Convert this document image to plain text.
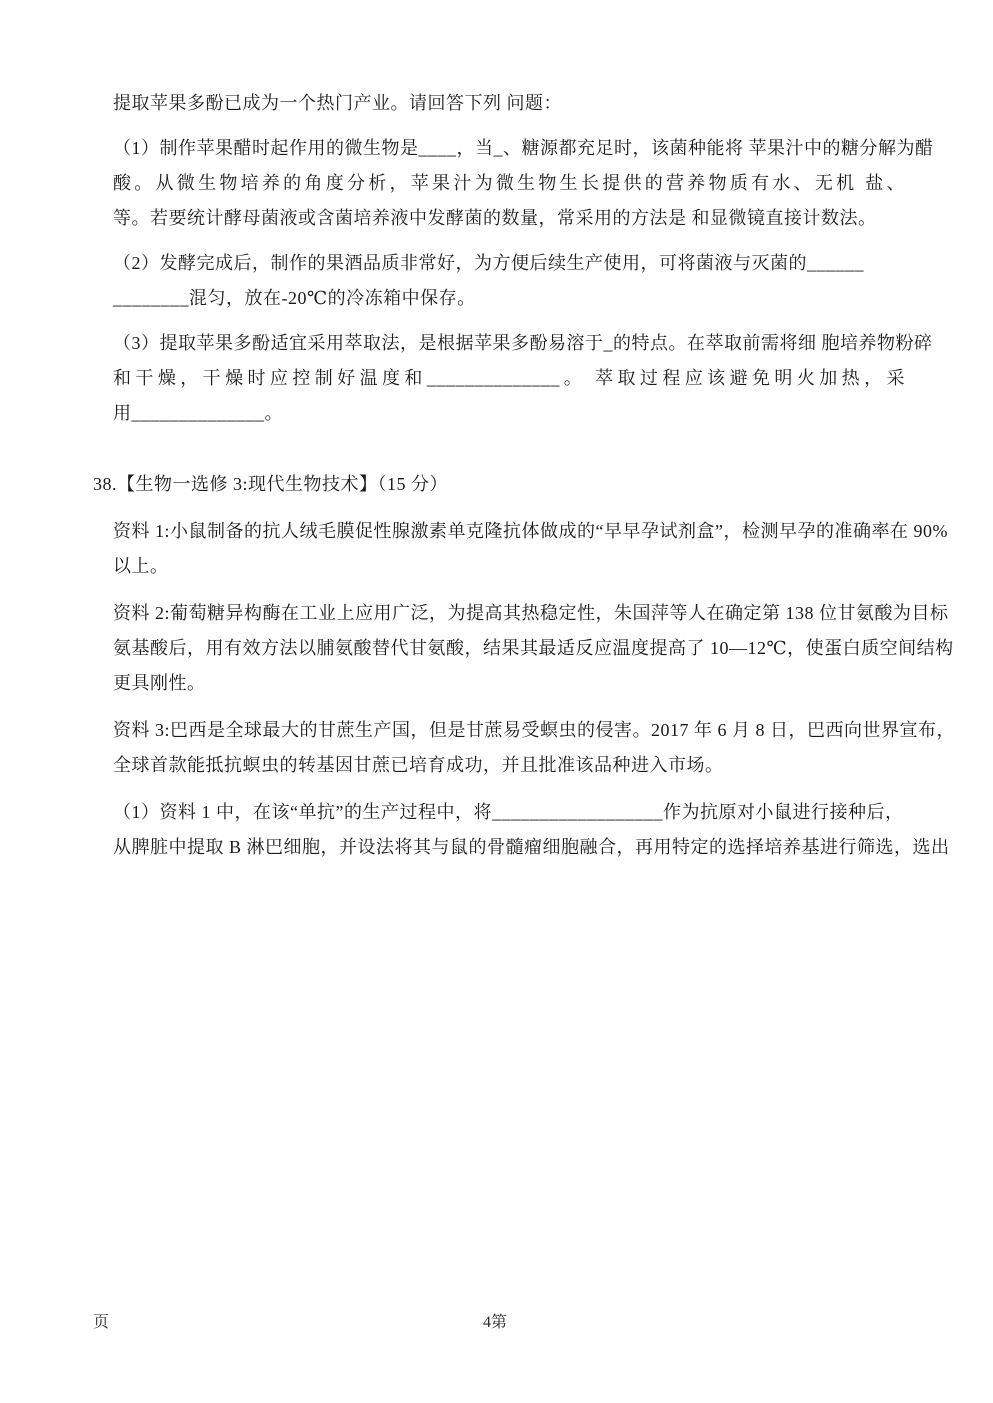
提取苹果多酚已成为一个热门产业。请回答下列 问题：
（1）制作苹果醋时起作用的微生物是____，当_、糖源都充足时，该菌种能将 苹果汁中的糖分解为醋
酸。从微生物培养的角度分析，苹果汁为微生物生长提供的营养物质有水、无机 盐、
等。若要统计酵母菌液或含菌培养液中发酵菌的数量，常采用的方法是 和显微镜直接计数法。
（2）发酵完成后，制作的果酒品质非常好，为方便后续生产使用，可将菌液与灭菌的______
________混匀，放在-20℃的冷冻箱中保存。
（3）提取苹果多酚适宜采用萃取法，是根据苹果多酚易溶于_的特点。在萃取前需将细 胞培养物粉碎
和干燥，干燥时应控制好温度和______________。 萃取过程应该避免明火加热，采
用______________。
38.【生物一选修 3:现代生物技术】（15 分）
资料 1:小鼠制备的抗人绒毛膜促性腺激素单克隆抗体做成的“早早孕试剂盒”，检测早孕的准确率在 90%
以上。
资料 2:葡萄糖异构酶在工业上应用广泛，为提高其热稳定性，朱国萍等人在确定第 138 位甘氨酸为目标
氨基酸后，用有效方法以脯氨酸替代甘氨酸，结果其最适反应温度提高了 10—12℃，使蛋白质空间结构
更具刚性。
资料 3:巴西是全球最大的甘蔗生产国，但是甘蔗易受螟虫的侵害。2017 年 6 月 8 日，巴西向世界宣布，
全球首款能抵抗螟虫的转基因甘蔗已培育成功，并且批准该品种进入市场。
（1）资料 1 中，在该“单抗”的生产过程中，将__________________作为抗原对小鼠进行接种后，
从脾脏中提取 B 淋巴细胞，并设法将其与鼠的骨髓瘤细胞融合，再用特定的选择培养基进行筛选，选出
页	4第
